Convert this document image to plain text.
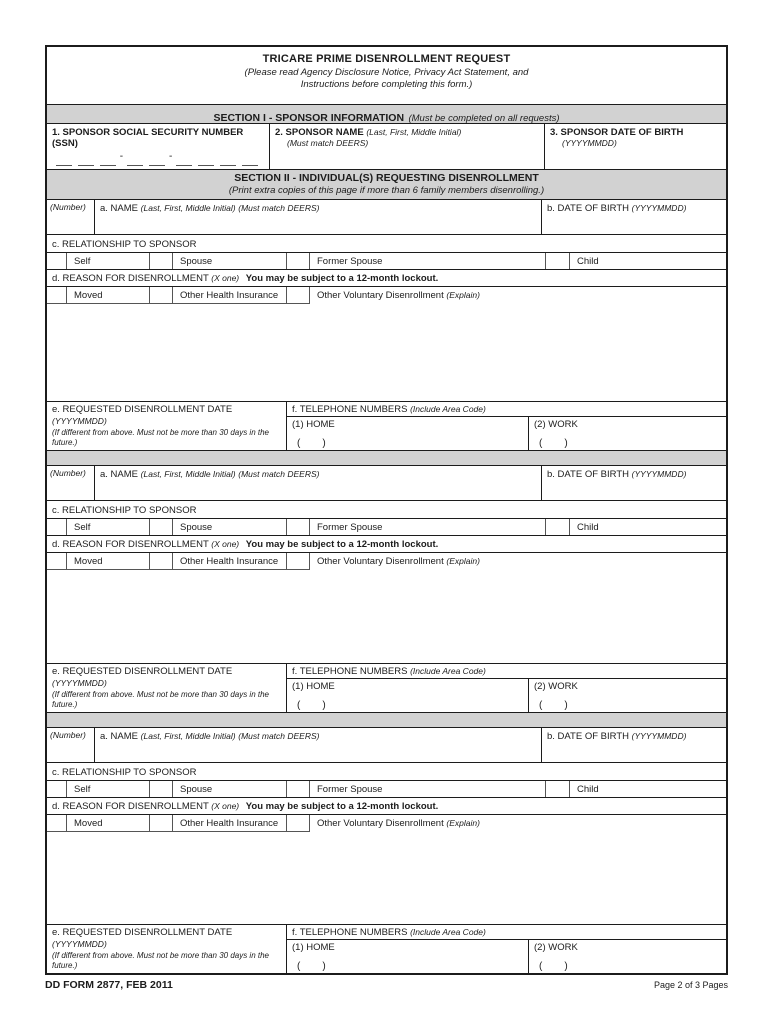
TRICARE PRIME DISENROLLMENT REQUEST
(Please read Agency Disclosure Notice, Privacy Act Statement, and
Instructions before completing this form.)
SECTION I - SPONSOR INFORMATION (Must be completed on all requests)
1. SPONSOR SOCIAL SECURITY NUMBER (SSN)
-	-
2. SPONSOR NAME (Last, First, Middle Initial)
(Must match DEERS)
3. SPONSOR DATE OF BIRTH
(YYYYMMDD)
SECTION II - INDIVIDUAL(S) REQUESTING DISENROLLMENT
(Print extra copies of this page if more than 6 family members disenrolling.)
(Number)	a. NAME (Last, First, Middle Initial) (Must match DEERS)	b. DATE OF BIRTH (YYYYMMDD)
c. RELATIONSHIP TO SPONSOR
Self	Spouse	Former Spouse	Child
d. REASON FOR DISENROLLMENT (X one) You may be subject to a 12-month lockout.
Moved	Other Health Insurance	Other Voluntary Disenrollment (Explain)
e. REQUESTED DISENROLLMENT DATE (YYYYMMDD)
(If different from above. Must not be more than 30 days in the future.)
f. TELEPHONE NUMBERS (Include Area Code)
(1) HOME
( )
(2) WORK
( )
(Number)	a. NAME (Last, First, Middle Initial) (Must match DEERS)	b. DATE OF BIRTH (YYYYMMDD)
c. RELATIONSHIP TO SPONSOR
Self	Spouse	Former Spouse	Child
d. REASON FOR DISENROLLMENT (X one) You may be subject to a 12-month lockout.
Moved	Other Health Insurance	Other Voluntary Disenrollment (Explain)
e. REQUESTED DISENROLLMENT DATE (YYYYMMDD)
(If different from above. Must not be more than 30 days in the future.)
f. TELEPHONE NUMBERS (Include Area Code)
(1) HOME
( )
(2) WORK
( )
(Number)	a. NAME (Last, First, Middle Initial) (Must match DEERS)	b. DATE OF BIRTH (YYYYMMDD)
c. RELATIONSHIP TO SPONSOR
Self	Spouse	Former Spouse	Child
d. REASON FOR DISENROLLMENT (X one) You may be subject to a 12-month lockout.
Moved	Other Health Insurance	Other Voluntary Disenrollment (Explain)
e. REQUESTED DISENROLLMENT DATE (YYYYMMDD)
(If different from above. Must not be more than 30 days in the future.)
f. TELEPHONE NUMBERS (Include Area Code)
(1) HOME
( )
(2) WORK
( )
DD FORM 2877, FEB 2011	Page 2 of 3 Pages
